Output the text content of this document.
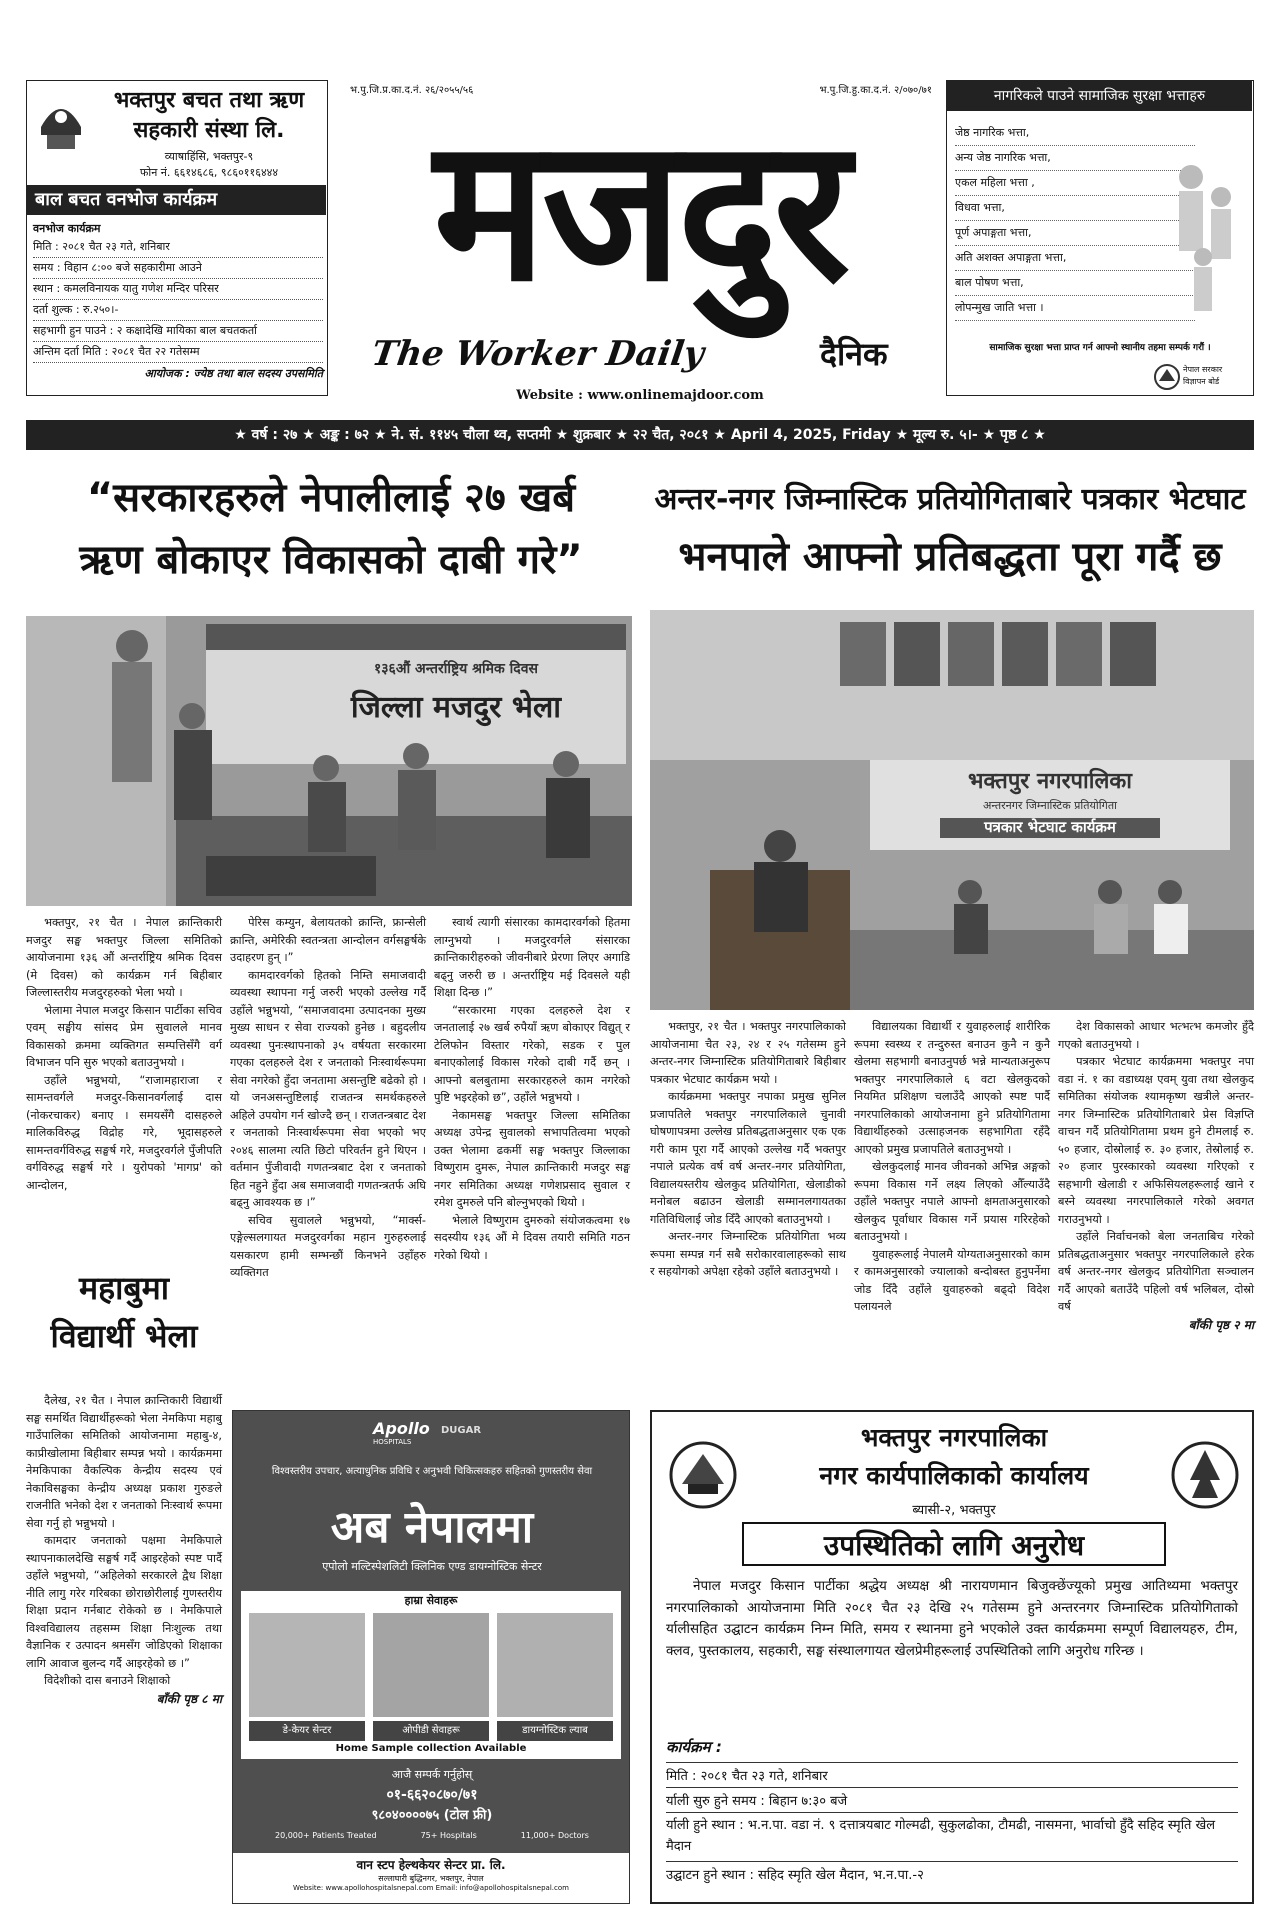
भक्तपुर बचत तथा ऋण
सहकारी संस्था लि.
व्याषाहिंसि, भक्तपुर-९
फोन नं. ६६१४६८६, ९८६०११६४४४
बाल बचत वनभोज कार्यक्रम
वनभोज कार्यक्रम
मिति : २०८१ चैत २३ गते, शनिबार
समय : विहान ८:०० बजे सहकारीमा आउने
स्थान : कमलविनायक यातु गणेश मन्दिर परिसर
दर्ता शुल्क : रु.२५०।-
सहभागी हुन पाउने : २ कक्षादेखि मायिका बाल बचतकर्ता
अन्तिम दर्ता मिति : २०८१ चैत २२ गतेसम्म
आयोजक : ज्येष्ठ तथा बाल सदस्य उपसमिति
भ.पु.जि.प्र.का.द.नं. २६/२०५५/५६	भ.पु.जि.हु.का.द.नं. २/०७०/७१
मजदुर
The Worker Daily	दैनिक
Website : www.onlinemajdoor.com
नागरिकले पाउने सामाजिक सुरक्षा भत्ताहरु
जेष्ठ नागरिक भत्ता,
अन्य जेष्ठ नागरिक भत्ता,
एकल महिला भत्ता ,
विधवा भत्ता,
पूर्ण अपाङ्गता भत्ता,
अति अशक्त अपाङ्गता भत्ता,
बाल पोषण भत्ता,
लोपन्मुख जाति भत्ता ।
सामाजिक सुरक्षा भत्ता प्राप्त गर्न आफ्नो स्थानीय तहमा सम्पर्क गरौं ।
नेपाल सरकार
विज्ञापन बोर्ड
★ वर्ष : २७ ★ अङ्क : ७२ ★ ने. सं. ११४५ चौला थ्व, सप्तमी ★ शुक्रबार ★ २२ चैत, २०८१ ★ April 4, 2025, Friday ★ मूल्य रु. ५।- ★ पृष्ठ ८ ★
“सरकारहरुले नेपालीलाई २७ खर्ब
ऋण बोकाएर विकासको दाबी गरे”
१३६औं अन्तर्राष्ट्रिय श्रमिक दिवस
जिल्ला मजदुर भेला

भक्तपुर, २१ चैत । नेपाल क्रान्तिकारी मजदुर सङ्घ भक्तपुर जिल्ला समितिको आयोजनामा १३६ औं अन्तर्राष्ट्रिय श्रमिक दिवस (मे दिवस) को कार्यक्रम गर्न बिहीबार जिल्लास्तरीय मजदुरहरुको भेला भयो ।

भेलामा नेपाल मजदुर किसान पार्टीका सचिव एवम् सङ्घीय सांसद प्रेम सुवालले मानव विकासको क्रममा व्यक्तिगत सम्पत्तिसँगै वर्ग विभाजन पनि सुरु भएको बताउनुभयो ।

उहाँले भन्नुभयो, “राजामहाराजा र सामन्तवर्गले मजदुर-किसानवर्गलाई दास (नोकरचाकर) बनाए । समयसँगै दासहरुले मालिकविरुद्ध विद्रोह गरे, भूदासहरुले सामन्तवर्गविरुद्ध सङ्घर्ष गरे, मजदुरवर्गले पुँजीपति वर्गविरुद्ध सङ्घर्ष गरे । युरोपको 'मागप्र' को आन्दोलन,

पेरिस कम्युन, बेलायतको क्रान्ति, फ्रान्सेली क्रान्ति, अमेरिकी स्वतन्त्रता आन्दोलन वर्गसङ्घर्षके उदाहरण हुन् ।”

कामदारवर्गको हितको निम्ति समाजवादी व्यवस्था स्थापना गर्नु जरुरी भएको उल्लेख गर्दै उहाँले भन्नुभयो, “समाजवादमा उत्पादनका मुख्य मुख्य साधन र सेवा राज्यको हुनेछ । बहुदलीय व्यवस्था पुनःस्थापनाको ३५ वर्षयता सरकारमा गएका दलहरुले देश र जनताको निःस्वार्थरूपमा सेवा नगरेको हुँदा जनतामा असन्तुष्टि बढेको हो । यो जनअसन्तुष्टिलाई राजतन्त्र समर्थकहरुले अहिले उपयोग गर्न खोज्दै छन् । राजतन्त्रबाट देश र जनताको निःस्वार्थरूपमा सेवा भएको भए २०४६ सालमा त्यति छिटो परिवर्तन हुने थिएन । वर्तमान पुँजीवादी गणतन्त्रबाट देश र जनताको हित नहुने हुँदा अब समाजवादी गणतन्त्रतर्फ अघि बढ्नु आवश्यक छ ।”

सचिव सुवालले भन्नुभयो, “मार्क्स-एङ्गेल्सलगायत मजदुरवर्गका महान गुरुहरुलाई यसकारण हामी सम्भन्छौं किनभने उहाँहरु व्यक्तिगत

स्वार्थ त्यागी संसारका कामदारवर्गको हितमा लाग्नुभयो । मजदुरवर्गले संसारका क्रान्तिकारीहरुको जीवनीबारे प्रेरणा लिएर अगाडि बढ्नु जरुरी छ । अन्तर्राष्ट्रिय मई दिवसले यही शिक्षा दिन्छ ।”

“सरकारमा गएका दलहरुले देश र जनतालाई २७ खर्ब रुपैयाँ ऋण बोकाएर विद्युत् र टेलिफोन विस्तार गरेको, सडक र पुल बनाएकोलाई विकास गरेको दाबी गर्दै छन् । आफ्नो बलबुतामा सरकारहरुले काम नगरेको पुष्टि भइरहेको छ”, उहाँले भन्नुभयो ।

नेकामसङ्घ भक्तपुर जिल्ला समितिका अध्यक्ष उपेन्द्र सुवालको सभापतित्वमा भएको उक्त भेलामा ढकमीं सङ्घ भक्तपुर जिल्लाका विष्णुराम दुमरू, नेपाल क्रान्तिकारी मजदुर सङ्घ नगर समितिका अध्यक्ष गणेशप्रसाद सुवाल र रमेश दुमरुले पनि बोल्नुभएको थियो ।

भेलाले विष्णुराम दुमरुको संयोजकत्वमा १७ सदस्यीय १३६ औं मे दिवस तयारी समिति गठन गरेको थियो ।

महाबुमा
विद्यार्थी भेला

दैलेख, २१ चैत । नेपाल क्रान्तिकारी विद्यार्थी सङ्घ समर्थित विद्यार्थीहरूको भेला नेमकिपा महाबु गाउँपालिका समितिको आयोजनामा महाबु-४, काप्रीखोलामा बिहीबार सम्पन्न भयो । कार्यक्रममा नेमकिपाका वैकल्पिक केन्द्रीय सदस्य एवं नेकाविसङ्घका केन्द्रीय अध्यक्ष प्रकाश गुरुङले राजनीति भनेको देश र जनताको निःस्वार्थ रूपमा सेवा गर्नु हो भन्नुभयो ।

कामदार जनताको पक्षमा नेमकिपाले स्थापनाकालदेखि सङ्घर्ष गर्दै आइरहेको स्पष्ट पार्दै उहाँले भन्नुभयो, “अहिलेको सरकारले द्वैध शिक्षा नीति लागु गरेर गरिबका छोराछोरीलाई गुणस्तरीय शिक्षा प्रदान गर्नबाट रोकेको छ । नेमकिपाले विश्वविद्यालय तहसम्म शिक्षा निःशुल्क तथा वैज्ञानिक र उत्पादन श्रमसँग जोडिएको शिक्षाका लागि आवाज बुलन्द गर्दै आइरहेको छ ।”

विदेशीको दास बनाउने शिक्षाको

बाँकी पृष्ठ ८ मा
Apollo
HOSPITALS
DUGAR
विश्वस्तरीय उपचार, अत्याधुनिक प्रविधि र अनुभवी चिकित्सकहरु सहितको गुणस्तरीय सेवा
अब नेपालमा
एपोलो मल्टिस्पेशलिटी क्लिनिक एण्ड डायग्नोस्टिक सेन्टर
हाम्रा सेवाहरू
डे-केयर सेन्टर	ओपीडी सेवाहरू	डायग्नोस्टिक ल्याब
Home Sample collection Available
आजै सम्पर्क गर्नुहोस्
०१-६६२०८७०/७१
९८०४००००७५ (टोल फ्री)
20,000+ Patients Treated	75+ Hospitals	11,000+ Doctors
वान स्टप हेल्थकेयर सेन्टर प्रा. लि.
सल्लाघारी बुद्धिनगर, भक्तपुर, नेपाल
Website: www.apollohospitalsnepal.com Email: info@apollohospitalsnepal.com
अन्तर-नगर जिम्नास्टिक प्रतियोगिताबारे पत्रकार भेटघाट
भनपाले आफ्नो प्रतिबद्धता पूरा गर्दै छ
भक्तपुर नगरपालिका
अन्तरनगर जिम्नास्टिक प्रतियोगिता
पत्रकार भेटघाट कार्यक्रम

भक्तपुर, २१ चैत । भक्तपुर नगरपालिकाको आयोजनामा चैत २३, २४ र २५ गतेसम्म हुने अन्तर-नगर जिम्नास्टिक प्रतियोगिताबारे बिहीबार पत्रकार भेटघाट कार्यक्रम भयो ।

कार्यक्रममा भक्तपुर नपाका प्रमुख सुनिल प्रजापतिले भक्तपुर नगरपालिकाले चुनावी घोषणापत्रमा उल्लेख प्रतिबद्धताअनुसार एक एक गरी काम पूरा गर्दै आएको उल्लेख गर्दै भक्तपुर नपाले प्रत्येक वर्ष वर्ष अन्तर-नगर प्रतियोगिता, विद्यालयस्तरीय खेलकुद प्रतियोगिता, खेलाडीको मनोबल बढाउन खेलाडी सम्मानलगायतका गतिविधिलाई जोड दिँदै आएको बताउनुभयो ।

अन्तर-नगर जिम्नास्टिक प्रतियोगिता भव्य रूपमा सम्पन्न गर्न सबै सरोकारवालाहरूको साथ र सहयोगको अपेक्षा रहेको उहाँले बताउनुभयो ।

विद्यालयका विद्यार्थी र युवाहरुलाई शारीरिक रूपमा स्वस्थ्य र तन्दुरुस्त बनाउन कुनै न कुनै खेलमा सहभागी बनाउनुपर्छ भन्ने मान्यताअनुरूप भक्तपुर नगरपालिकाले ६ वटा खेलकुदको नियमित प्रशिक्षण चलाउँदै आएको स्पष्ट पार्दै नगरपालिकाको आयोजनामा हुने प्रतियोगितामा विद्यार्थीहरुको उत्साहजनक सहभागिता रहँदै आएको प्रमुख प्रजापतिले बताउनुभयो ।

खेलकुदलाई मानव जीवनको अभिन्न अङ्गको रूपमा विकास गर्ने लक्ष्य लिएको औँल्याउँदै उहाँले भक्तपुर नपाले आफ्नो क्षमताअनुसारको खेलकुद पूर्वाधार विकास गर्ने प्रयास गरिरहेको बताउनुभयो ।

युवाहरूलाई नेपालमै योग्यताअनुसारको काम र कामअनुसारको ज्यालाको बन्दोबस्त हुनुपर्नेमा जोड दिँदै उहाँले युवाहरुको बढ्दो विदेश पलायनले

देश विकासको आधार भत्भत्भ कमजोर हुँदै गएको बताउनुभयो ।

पत्रकार भेटघाट कार्यक्रममा भक्तपुर नपा वडा नं. १ का वडाध्यक्ष एवम् युवा तथा खेलकुद समितिका संयोजक श्यामकृष्ण खत्रीले अन्तर-नगर जिम्नास्टिक प्रतियोगिताबारे प्रेस विज्ञप्ति वाचन गर्दै प्रतियोगितामा प्रथम हुने टीमलाई रु. ५० हजार, दोस्रोलाई रु. ३० हजार, तेस्रोलाई रु. २० हजार पुरस्कारको व्यवस्था गरिएको र सहभागी खेलाडी र अफिसियलहरूलाई खाने र बस्ने व्यवस्था नगरपालिकाले गरेको अवगत गराउनुभयो ।

उहाँले निर्वाचनको बेला जनताबिच गरेको प्रतिबद्धताअनुसार भक्तपुर नगरपालिकाले हरेक वर्ष अन्तर-नगर खेलकुद प्रतियोगिता सञ्चालन गर्दै आएको बताउँदै पहिलो वर्ष भलिबल, दोस्रो वर्ष

बाँकी पृष्ठ २ मा
भक्तपुर नगरपालिका
नगर कार्यपालिकाको कार्यालय
ब्यासी-२, भक्तपुर
उपस्थितिको लागि अनुरोध
नेपाल मजदुर किसान पार्टीका श्रद्धेय अध्यक्ष श्री नारायणमान बिजुक्छेंज्यूको प्रमुख आतिथ्यमा भक्तपुर नगरपालिकाको आयोजनामा मिति २०८१ चैत २३ देखि २५ गतेसम्म हुने अन्तरनगर जिम्नास्टिक प्रतियोगिताको र्यालीसहित उद्घाटन कार्यक्रम निम्न मिति, समय र स्थानमा हुने भएकोले उक्त कार्यक्रममा सम्पूर्ण विद्यालयहरु, टीम, क्लव, पुस्तकालय, सहकारी, सङ्घ संस्थालगायत खेलप्रेमीहरूलाई उपस्थितिको लागि अनुरोध गरिन्छ ।
कार्यक्रम :
मिति : २०८१ चैत २३ गते, शनिबार
र्याली सुरु हुने समय : बिहान ७:३० बजे
र्याली हुने स्थान : भ.न.पा. वडा नं. ९ दत्तात्रयबाट गोल्मढी, सुकुलढोका, टौमढी, नासमना, भार्वाचो हुँदै सहिद स्मृति खेल मैदान
उद्घाटन हुने स्थान : सहिद स्मृति खेल मैदान, भ.न.पा.-२
